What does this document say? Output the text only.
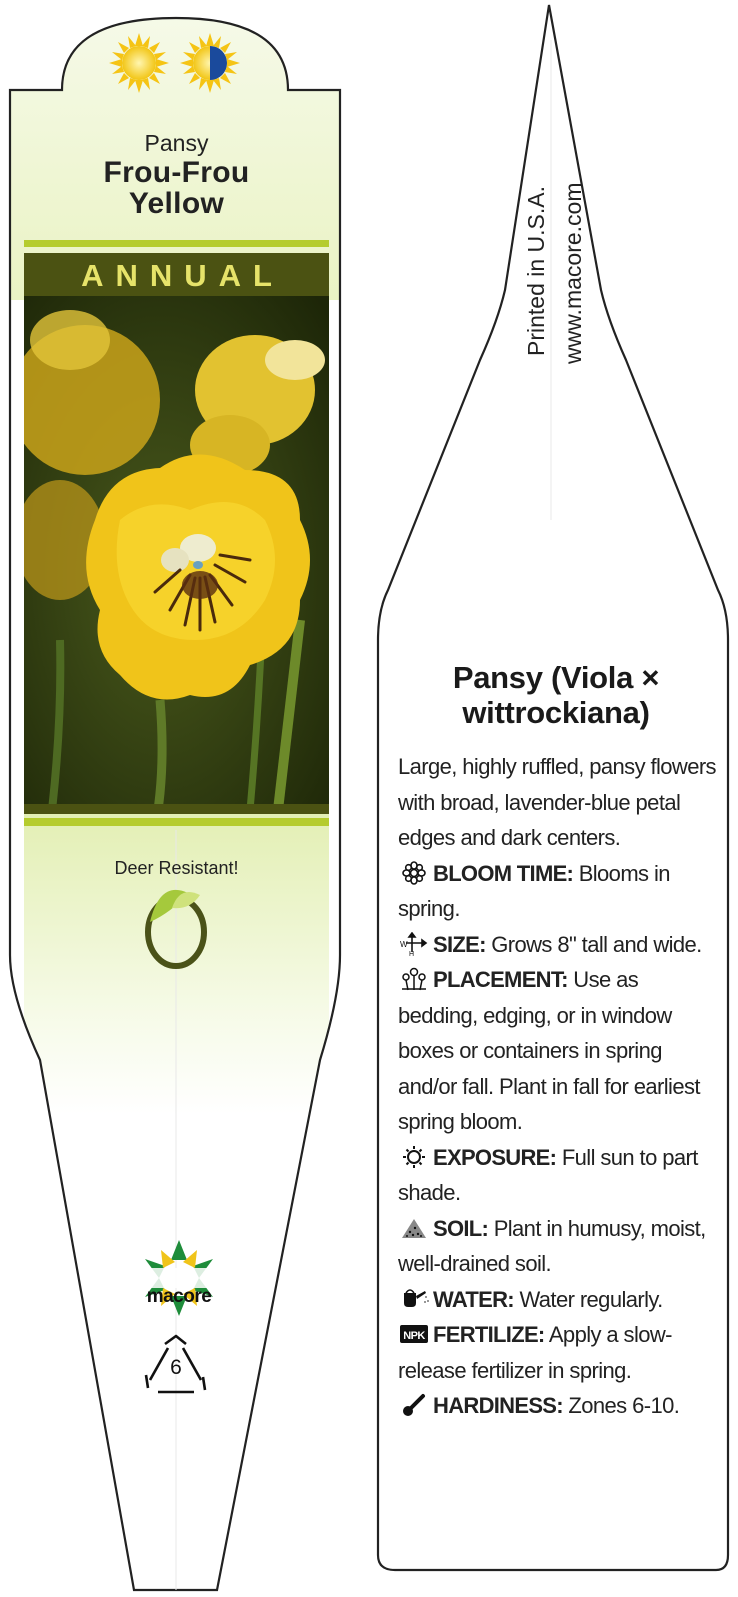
Pansy
Frou-Frou
Yellow
ANNUAL
Deer Resistant!
macore
6
Printed in U.S.A. www.macore.com
Pansy (Viola ×
wittrockiana)

Large, highly ruffled, pansy flowers with broad, lavender-blue petal edges and dark centers.

BLOOM TIME: Blooms in spring.

W
H SIZE: Grows 8" tall and wide.

PLACEMENT: Use as bedding, edging, or in window boxes or containers in spring and/or fall. Plant in fall for earliest spring bloom.

EXPOSURE: Full sun to part shade.

SOIL: Plant in humusy, moist, well-drained soil.

WATER: Water regularly.

NPK FERTILIZE: Apply a slow-release fertilizer in spring.

HARDINESS: Zones 6-10.
